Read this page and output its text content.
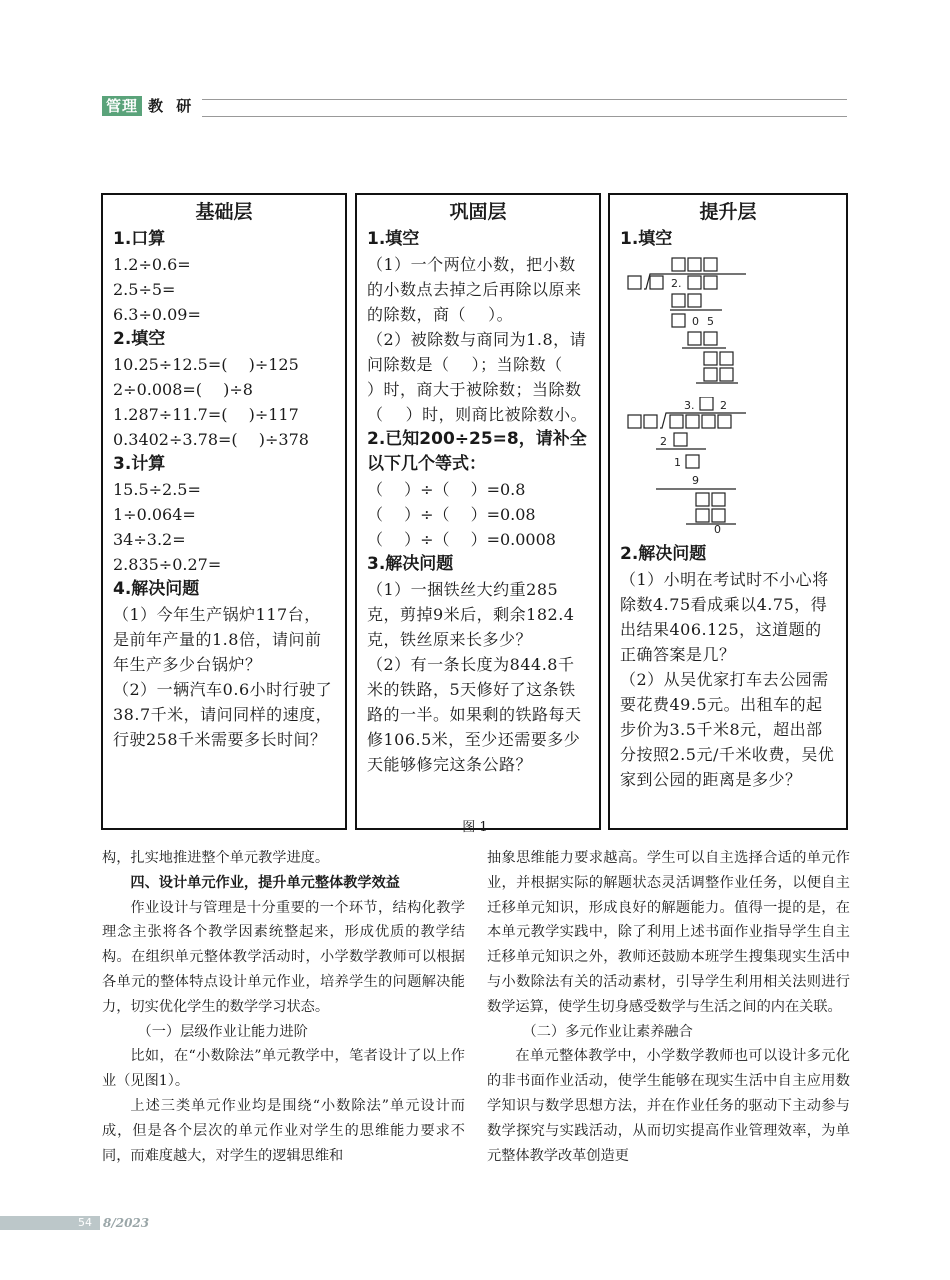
管理 教 研
基础层
1.口算
1.2÷0.6=
2.5÷5=
6.3÷0.09=
2.填空
10.25÷12.5=(　 )÷125
2÷0.008=(　 )÷8
1.287÷11.7=(　 )÷117
0.3402÷3.78=(　 )÷378
3.计算
15.5÷2.5=
1÷0.064=
34÷3.2=
2.835÷0.27=
4.解决问题
（1）今年生产锅炉117台，是前年产量的1.8倍，请问前年生产多少台锅炉？
（2）一辆汽车0.6小时行驶了38.7千米，请问同样的速度，行驶258千米需要多长时间？
巩固层
1.填空
（1）一个两位小数，把小数的小数点去掉之后再除以原来的除数，商（　 ）。
（2）被除数与商同为1.8，请问除数是（　 ）；当除数（　 ）时，商大于被除数；当除数（　 ）时，则商比被除数小。
2.已知200÷25=8，请补全以下几个等式：
（　 ）÷（　 ）=0.8
（　 ）÷（　 ）=0.08
（　 ）÷（　 ）=0.0008
3.解决问题
（1）一捆铁丝大约重285克，剪掉9米后，剩余182.4克，铁丝原来长多少？
（2）有一条长度为844.8千米的铁路，5天修好了这条铁路的一半。如果剩的铁路每天修106.5米，至少还需要多少天能够修完这条公路？
提升层
1.填空
2.
0 5

3. 2
2
1
9
0
2.解决问题
（1）小明在考试时不小心将除数4.75看成乘以4.75，得出结果406.125，这道题的正确答案是几？
（2）从吴优家打车去公园需要花费49.5元。出租车的起步价为3.5千米8元，超出部分按照2.5元/千米收费，吴优家到公园的距离是多少？
图 1

构，扎实地推进整个单元教学进度。

四、设计单元作业，提升单元整体教学效益

作业设计与管理是十分重要的一个环节，结构化教学理念主张将各个教学因素统整起来，形成优质的教学结构。在组织单元整体教学活动时，小学数学教师可以根据各单元的整体特点设计单元作业，培养学生的问题解决能力，切实优化学生的数学学习状态。

（一）层级作业让能力进阶

比如，在“小数除法”单元教学中，笔者设计了以上作业（见图1）。

上述三类单元作业均是围绕“小数除法”单元设计而成，但是各个层次的单元作业对学生的思维能力要求不同，而难度越大，对学生的逻辑思维和

抽象思维能力要求越高。学生可以自主选择合适的单元作业，并根据实际的解题状态灵活调整作业任务，以便自主迁移单元知识，形成良好的解题能力。值得一提的是，在本单元教学实践中，除了利用上述书面作业指导学生自主迁移单元知识之外，教师还鼓励本班学生搜集现实生活中与小数除法有关的活动素材，引导学生利用相关法则进行数学运算，使学生切身感受数学与生活之间的内在关联。

（二）多元作业让素养融合

在单元整体教学中，小学数学教师也可以设计多元化的非书面作业活动，使学生能够在现实生活中自主应用数学知识与数学思想方法，并在作业任务的驱动下主动参与数学探究与实践活动，从而切实提高作业管理效率，为单元整体教学改革创造更

54 8/2023
